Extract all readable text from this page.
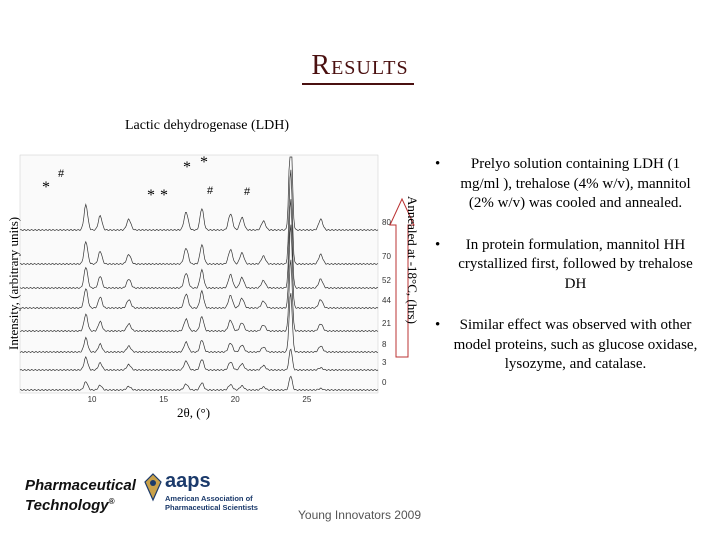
Results
Lactic dehydrogenase (LDH)
80
70
52
44
21
8
3
0
10	15	20	25
*
#
* *
* *
#	#
Intensity, (arbitrary units)
2θ, (°)
Annealed at -18°C, (hrs)
•	Prelyo solution containing LDH (1 mg/ml ), trehalose (4% w/v), mannitol (2% w/v) was cooled and annealed.
•	In protein formulation, mannitol HH crystallized first, followed by trehalose DH
•	Similar effect was observed with other model proteins, such as glucose oxidase, lysozyme, and catalase.
Pharmaceutical
Technology®
aaps
American Association of Pharmaceutical Scientists
Young Innovators 2009
